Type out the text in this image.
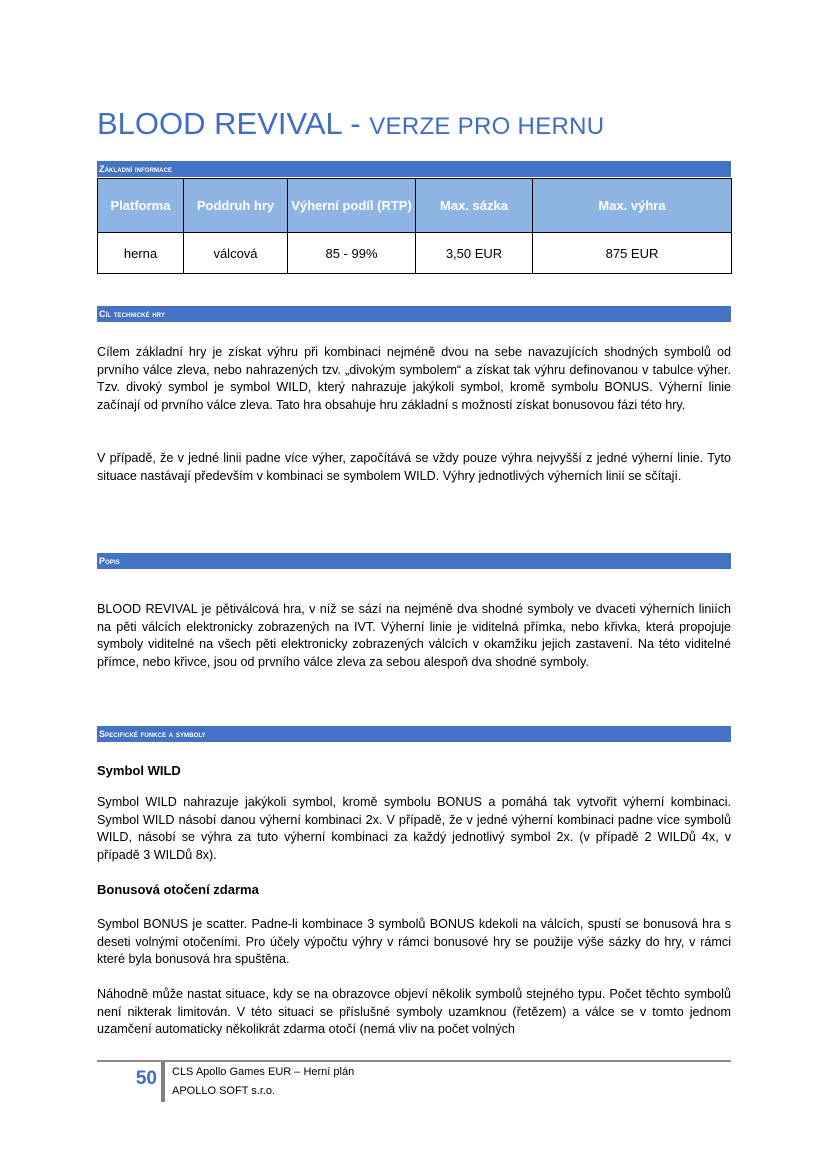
BLOOD REVIVAL - VERZE PRO HERNU
Základní informace
Platforma	Poddruh hry	Výherní podíl (RTP)	Max. sázka	Max. výhra
herna	válcová	85 - 99%	3,50 EUR	875 EUR
Cíl technické hry

Cílem základní hry je získat výhru při kombinaci nejméně dvou na sebe navazujících shodných symbolů od prvního válce zleva, nebo nahrazených tzv. „divokým symbolem“ a získat tak výhru definovanou v tabulce výher. Tzv. divoký symbol je symbol WILD, který nahrazuje jakýkoli symbol, kromě symbolu BONUS. Výherní linie začínají od prvního válce zleva. Tato hra obsahuje hru základní s možností získat bonusovou fázi této hry.

V případě, že v jedné linii padne více výher, započítává se vždy pouze výhra nejvyšší z jedné výherní linie. Tyto situace nastávají především v kombinaci se symbolem WILD. Výhry jednotlivých výherních linií se sčítají.

Popis

BLOOD REVIVAL je pětiválcová hra, v níž se sází na nejméně dva shodné symboly ve dvaceti výherních liniích na pěti válcích elektronicky zobrazených na IVT. Výherní linie je viditelná přímka, nebo křivka, která propojuje symboly viditelné na všech pěti elektronicky zobrazených válcích v okamžiku jejich zastavení. Na této viditelné přímce, nebo křivce, jsou od prvního válce zleva za sebou alespoň dva shodné symboly.

Specifické funkce a symboly

Symbol WILD

Symbol WILD nahrazuje jakýkoli symbol, kromě symbolu BONUS a pomáhá tak vytvořit výherní kombinaci. Symbol WILD násobí danou výherní kombinaci 2x. V případě, že v jedné výherní kombinaci padne více symbolů WILD, násobí se výhra za tuto výherní kombinaci za každý jednotlivý symbol 2x. (v případě 2 WILDů 4x, v případě 3 WILDů 8x).

Bonusová otočení zdarma

Symbol BONUS je scatter. Padne-li kombinace 3 symbolů BONUS kdekoli na válcích, spustí se bonusová hra s deseti volnými otočeními. Pro účely výpočtu výhry v rámci bonusové hry se použije výše sázky do hry, v rámci které byla bonusová hra spuštěna.

Náhodně může nastat situace, kdy se na obrazovce objeví několik symbolů stejného typu. Počet těchto symbolů není nikterak limitován. V této situaci se příslušné symboly uzamknou (řetězem) a válce se v tomto jednom uzamčení automaticky několikrát zdarma otočí (nemá vliv na počet volných

50 CLS Apollo Games EUR – Herní plán

APOLLO SOFT s.r.o.
